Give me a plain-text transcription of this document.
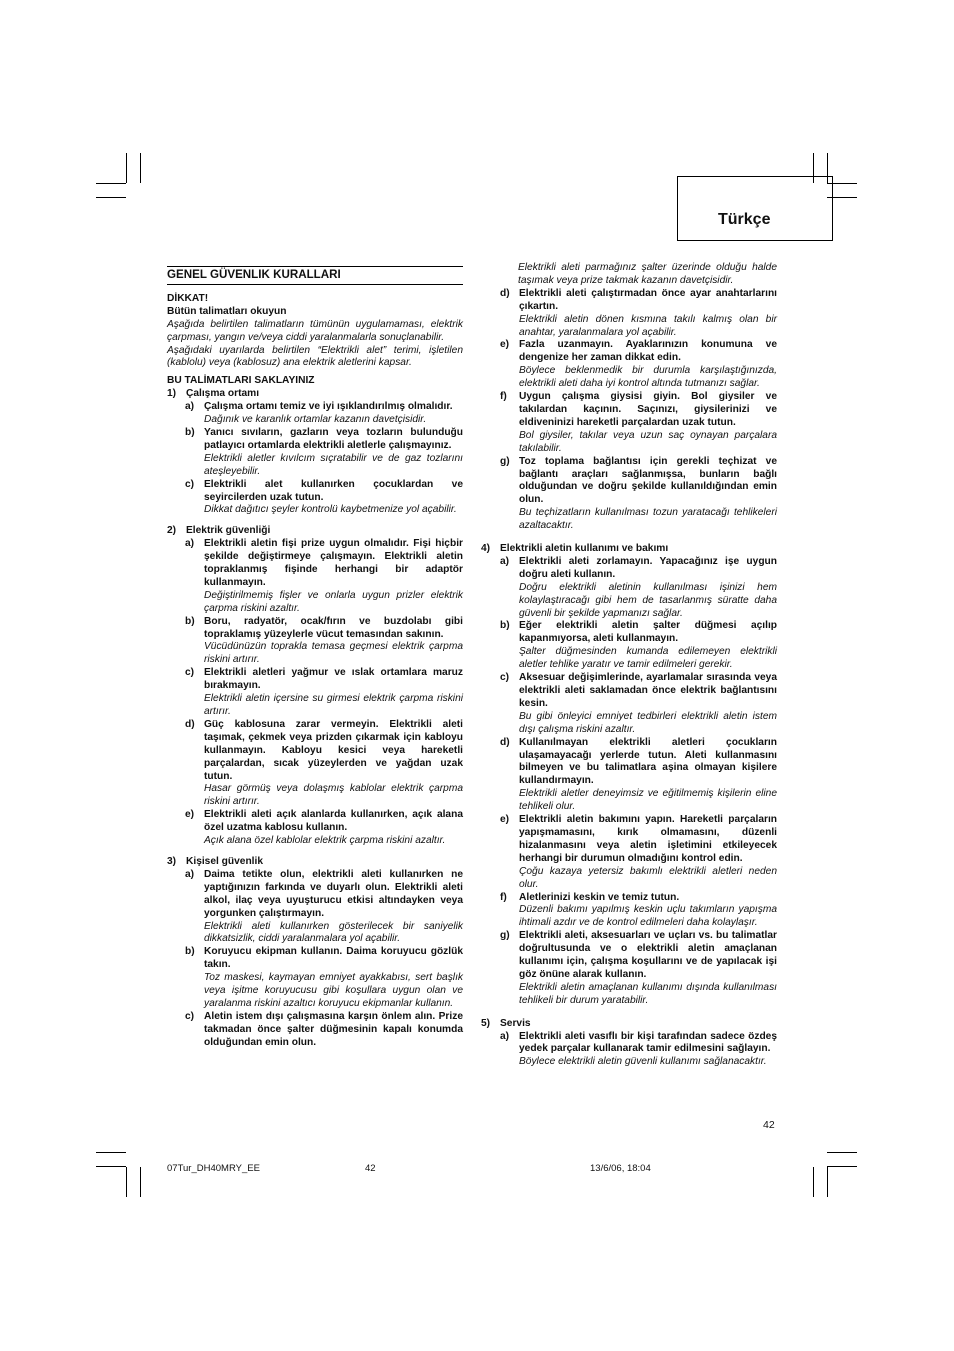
Türkçe
GENEL GÜVENLIK KURALLARI

DİKKAT!

Bütün talimatları okuyun

Aşağıda belirtilen talimatların tümünün uygulamaması, elektrik çarpması, yangın ve/veya ciddi yaralanmalarla sonuçlanabilir.

Aşağıdaki uyarılarda belirtilen “Elektrikli alet” terimi, işletilen (kablolu) veya (kablosuz) ana elektrik aletlerini kapsar.

BU TALİMATLARI SAKLAYINIZ

1) Çalışma ortamı
a) Çalışma ortamı temiz ve iyi ışıklandırılmış olmalıdır.

Dağınık ve karanlık ortamlar kazanın davetçisidir.

b) Yanıcı sıvıların, gazların veya tozların bulunduğu patlayıcı ortamlarda elektrikli aletlerle çalışmayınız.

Elektrikli aletler kıvılcım sıçratabilir ve de gaz tozlarını ateşleyebilir.

c) Elektrikli alet kullanırken çocuklardan ve seyircilerden uzak tutun.

Dikkat dağıtıcı şeyler kontrolü kaybetmenize yol açabilir.

2) Elektrik güvenliği
a) Elektrikli aletin fişi prize uygun olmalıdır. Fişi hiçbir şekilde değiştirmeye çalışmayın. Elektrikli aletin topraklanmış fişinde herhangi bir adaptör kullanmayın.

Değiştirilmemiş fişler ve onlarla uygun prizler elektrik çarpma riskini azaltır.

b) Boru, radyatör, ocak/fırın ve buzdolabı gibi topraklamış yüzeylerle vücut temasından sakının.

Vücüdünüzün toprakla temasa geçmesi elektrik çarpma riskini artırır.

c) Elektrikli aletleri yağmur ve ıslak ortamlara maruz bırakmayın.

Elektrikli aletin içersine su girmesi elektrik çarpma riskini artırır.

d) Güç kablosuna zarar vermeyin. Elektrikli aleti taşımak, çekmek veya prizden çıkarmak için kabloyu kullanmayın. Kabloyu kesici veya hareketli parçalardan, sıcak yüzeylerden ve yağdan uzak tutun.

Hasar görmüş veya dolaşmış kablolar elektrik çarpma riskini artırır.

e) Elektrikli aleti açık alanlarda kullanırken, açık alana özel uzatma kablosu kullanın.

Açık alana özel kablolar elektrik çarpma riskini azaltır.

3) Kişisel güvenlik
a) Daima tetikte olun, elektrikli aleti kullanırken ne yaptığınızın farkında ve duyarlı olun. Elektrikli aleti alkol, ilaç veya uyuşturucu etkisi altındayken veya yorgunken çalıştırmayın.

Elektrikli aleti kullanırken gösterilecek bir saniyelik dikkatsizlik, ciddi yaralanmalara yol açabilir.

b) Koruyucu ekipman kullanın. Daima koruyucu gözlük takın.

Toz maskesi, kaymayan emniyet ayakkabısı, sert başlık veya işitme koruyucusu gibi koşullara uygun olan ve yaralanma riskini azaltıcı koruyucu ekipmanlar kullanın.

c) Aletin istem dışı çalışmasına karşın önlem alın. Prize takmadan önce şalter düğmesinin kapalı konumda olduğundan emin olun.

Elektrikli aleti parmağınız şalter üzerinde olduğu halde taşımak veya prize takmak kazanın davetçisidir.

d) Elektrikli aleti çalıştırmadan önce ayar anahtarlarını çıkartın.

Elektrikli aletin dönen kısmına takılı kalmış olan bir anahtar, yaralanmalara yol açabilir.

e) Fazla uzanmayın. Ayaklarınızın konumuna ve dengenize her zaman dikkat edin.

Böylece beklenmedik bir durumla karşılaştığınızda, elektrikli aleti daha iyi kontrol altında tutmanızı sağlar.

f)	Uygun çalışma giysisi giyin. Bol giysiler ve takılardan kaçının. Saçınızı, giysilerinizi ve eldiveninizi hareketli parçalardan uzak tutun.

Bol giysiler, takılar veya uzun saç oynayan parçalara takılabilir.

g) Toz toplama bağlantısı için gerekli teçhizat ve bağlantı araçları sağlanmışsa, bunların bağlı olduğundan ve doğru şekilde kullanıldığından emin olun.

Bu teçhizatların kullanılması tozun yaratacağı tehlikeleri azaltacaktır.

4) Elektrikli aletin kullanımı ve bakımı
a) Elektrikli aleti zorlamayın. Yapacağınız işe uygun doğru aleti kullanın.

Doğru elektrikli aletinin kullanılması işinizi hem kolaylaştıracağı gibi hem de tasarlanmış süratte daha güvenli bir şekilde yapmanızı sağlar.

b) Eğer elektrikli aletin şalter düğmesi açılıp kapanmıyorsa, aleti kullanmayın.

Şalter düğmesinden kumanda edilemeyen elektrikli aletler tehlike yaratır ve tamir edilmeleri gerekir.

c) Aksesuar değişimlerinde, ayarlamalar sırasında veya elektrikli aleti saklamadan önce elektrik bağlantısını kesin.

Bu gibi önleyici emniyet tedbirleri elektrikli aletin istem dışı çalışma riskini azaltır.

d) Kullanılmayan elektrikli aletleri çocukların ulaşamayacağı yerlerde tutun. Aleti kullanmasını bilmeyen ve bu talimatlara aşina olmayan kişilere kullandırmayın.

Elektrikli aletler deneyimsiz ve eğitilmemiş kişilerin eline tehlikeli olur.

e) Elektrikli aletin bakımını yapın. Hareketli parçaların yapışmamasını, kırık olmamasını, düzenli hizalanmasını veya aletin işletimini etkileyecek herhangi bir durumun olmadığını kontrol edin.

Çoğu kazaya yetersiz bakımlı elektrikli aletleri neden olur.

f)	Aletlerinizi keskin ve temiz tutun.

Düzenli bakımı yapılmış keskin uçlu takımların yapışma ihtimali azdır ve de kontrol edilmeleri daha kolaylaşır.

g) Elektrikli aleti, aksesuarları ve uçları vs. bu talimatlar doğrultusunda ve o elektrikli aletin amaçlanan kullanımı için, çalışma koşullarını ve de yapılacak işi göz önüne alarak kullanın.

Elektrikli aletin amaçlanan kullanımı dışında kullanılması tehlikeli bir durum yaratabilir.

5) Servis
a) Elektrikli aleti vasıflı bir kişi tarafından sadece özdeş yedek parçalar kullanarak tamir edilmesini sağlayın.

Böylece elektrikli aletin güvenli kullanımı sağlanacaktır.

42
07Tur_DH40MRY_EE	42	13/6/06, 18:04
